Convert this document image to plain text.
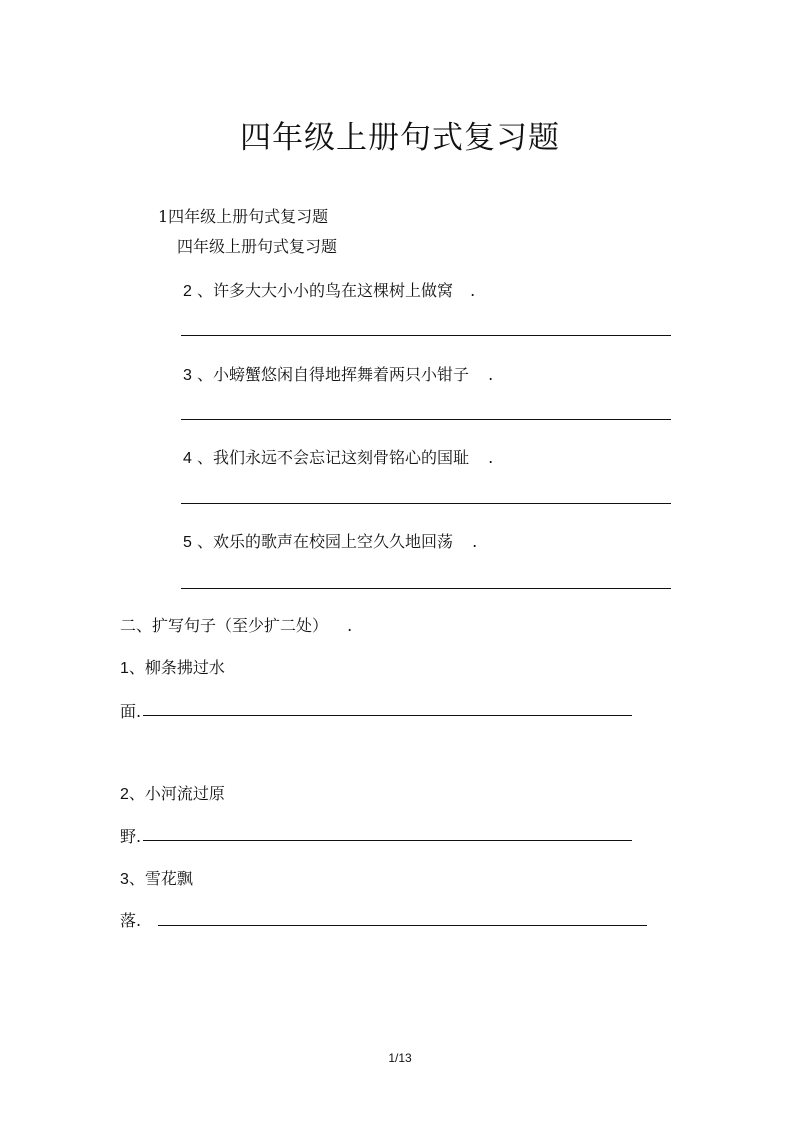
四年级上册句式复习题
1四年级上册句式复习题
四年级上册句式复习题
2 、许多大大小小的鸟在这棵树上做窝 .
3 、小螃蟹悠闲自得地挥舞着两只小钳子 .
4 、我们永远不会忘记这刻骨铭心的国耻 .
5 、欢乐的歌声在校园上空久久地回荡 .
二、扩写句子（至少扩二处） .
1、柳条拂过水
面.
2、小河流过原
野.
3、雪花飘
落.
1/13
